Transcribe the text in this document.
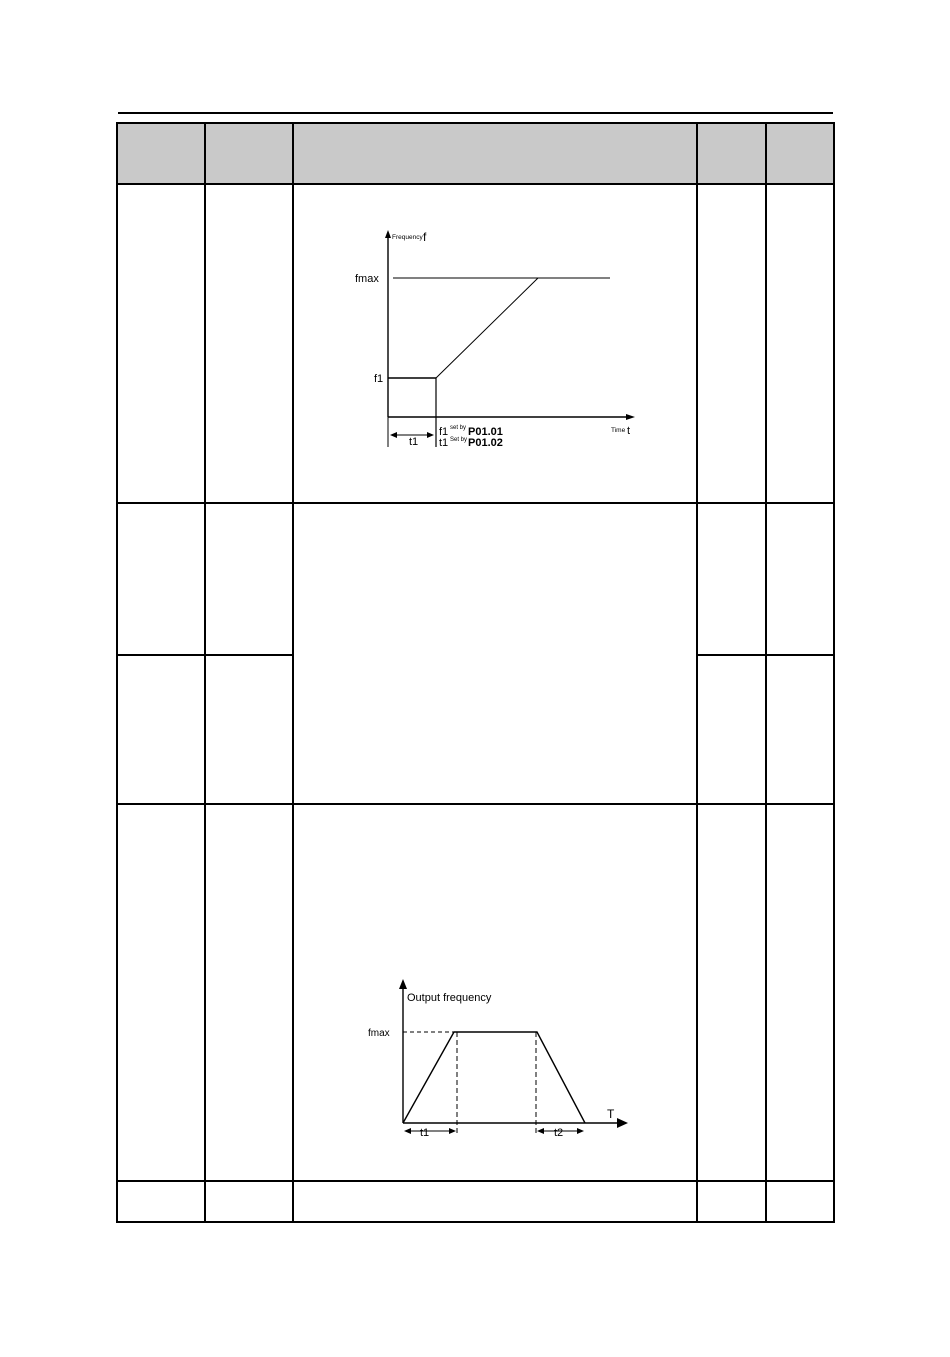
Frequency f
fmax
f1
Time t
t1
f1 set by P01.01
t1 Set by P01.02
Output frequency
fmax
T
t1	t2
